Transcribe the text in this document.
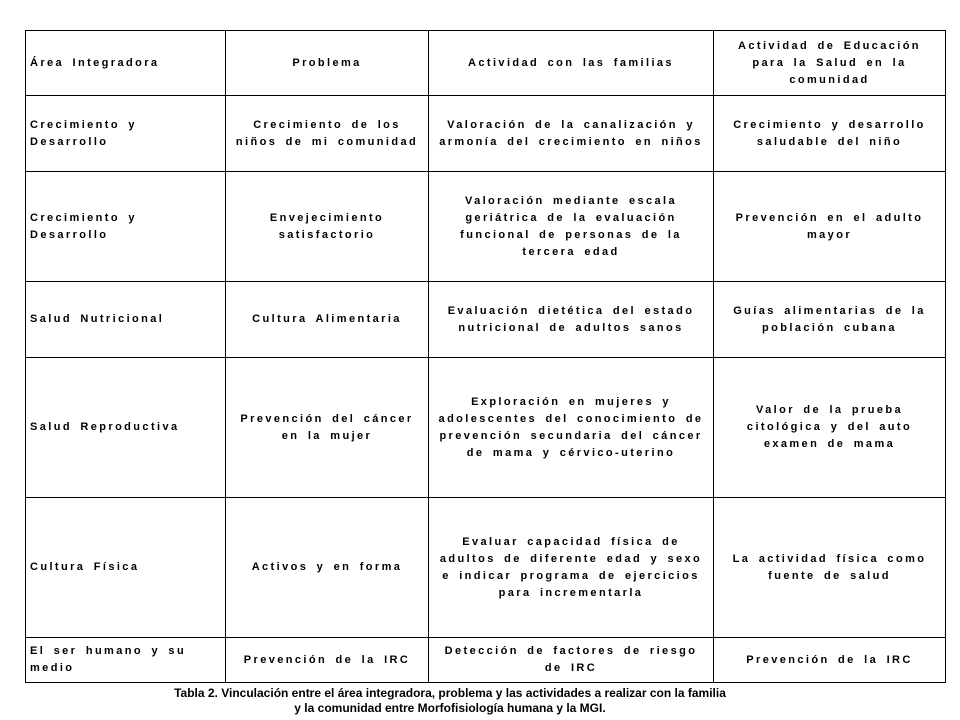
Área Integradora	Problema	Actividad con las familias	Actividad de Educación para la Salud en la comunidad
Crecimiento y Desarrollo	Crecimiento de los niños de mi comunidad	Valoración de la canalización y armonía del crecimiento en niños	Crecimiento y desarrollo saludable del niño
Crecimiento y Desarrollo	Envejecimiento satisfactorio	Valoración mediante escala geriátrica de la evaluación funcional de personas de la tercera edad	Prevención en el adulto mayor
Salud Nutricional	Cultura Alimentaria	Evaluación dietética del estado nutricional de adultos sanos	Guías alimentarias de la población cubana
Salud Reproductiva	Prevención del cáncer en la mujer	Exploración en mujeres y adolescentes del conocimiento de prevención secundaria del cáncer de mama y cérvico-uterino	Valor de la prueba citológica y del auto examen de mama
Cultura Física	Activos y en forma	Evaluar capacidad física de adultos de diferente edad y sexo e indicar programa de ejercicios para incrementarla	La actividad física como fuente de salud
El ser humano y su medio	Prevención de la IRC	Detección de factores de riesgo de IRC	Prevención de la IRC
Tabla 2. Vinculación entre el área integradora, problema y las actividades a realizar con la familia
y la comunidad entre Morfofisiología humana y la MGI.
